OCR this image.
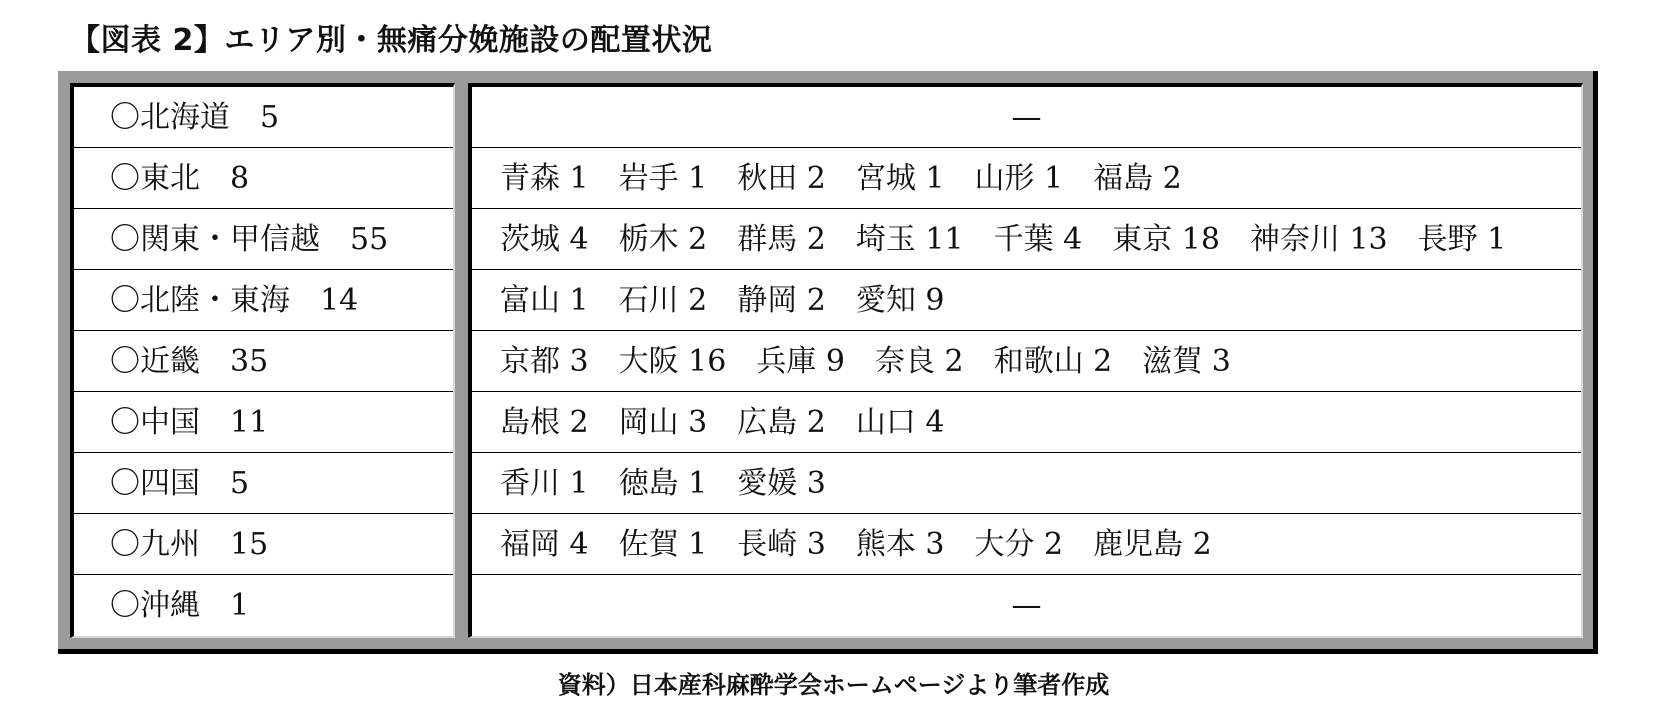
【図表 2】エリア別・無痛分娩施設の配置状況
〇北海道　5
〇東北　8
〇関東・甲信越　55
〇北陸・東海　14
〇近畿　35
〇中国　11
〇四国　5
〇九州　15
〇沖縄　1
—
青森 1　岩手 1　秋田 2　宮城 1　山形 1　福島 2
茨城 4　栃木 2　群馬 2　埼玉 11　千葉 4　東京 18　神奈川 13　長野 1
富山 1　石川 2　静岡 2　愛知 9
京都 3　大阪 16　兵庫 9　奈良 2　和歌山 2　滋賀 3
島根 2　岡山 3　広島 2　山口 4
香川 1　徳島 1　愛媛 3
福岡 4　佐賀 1　長崎 3　熊本 3　大分 2　鹿児島 2
—
資料）日本産科麻酔学会ホームページより筆者作成
